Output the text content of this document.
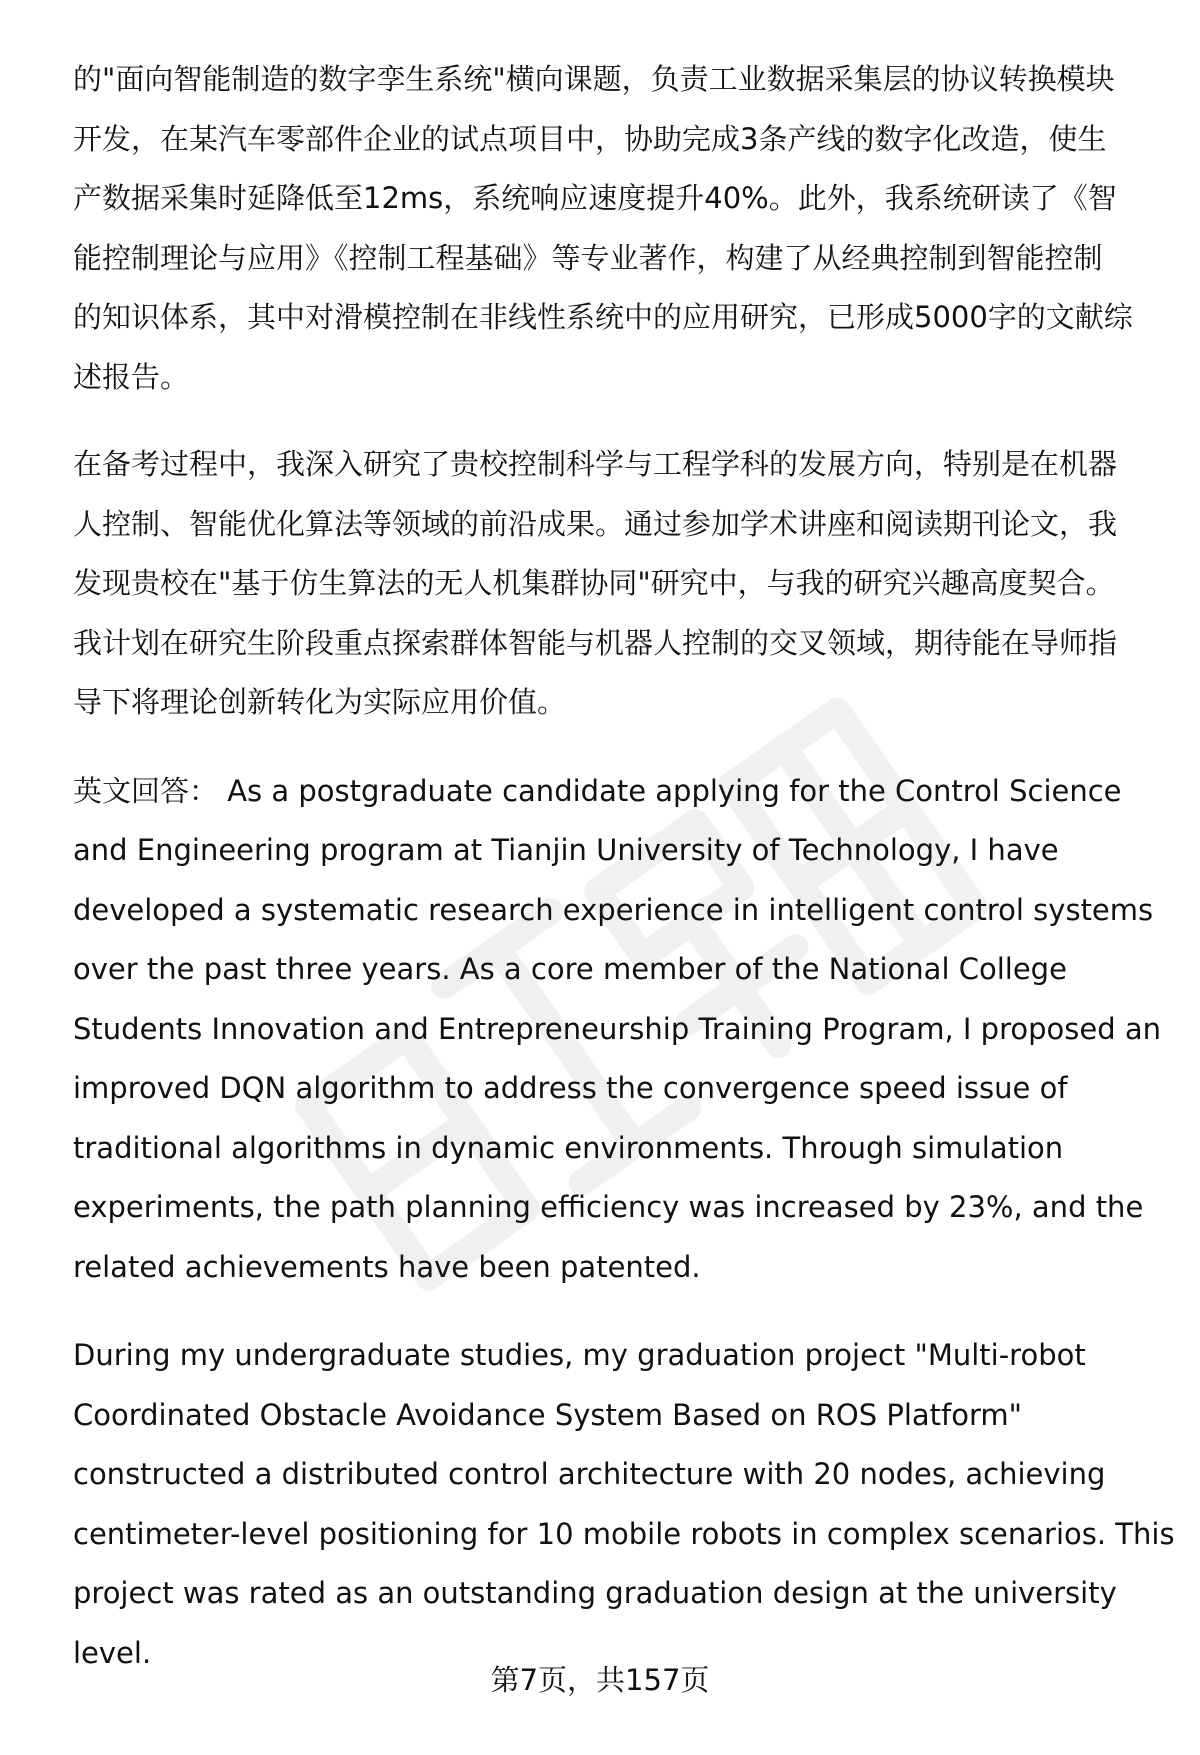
的"面向智能制造的数字孪生系统"横向课题，负责工业数据采集层的协议转换模块
开发，在某汽车零部件企业的试点项目中，协助完成3条产线的数字化改造，使生
产数据采集时延降低至12ms，系统响应速度提升40%。此外，我系统研读了《智
能控制理论与应用》《控制工程基础》等专业著作，构建了从经典控制到智能控制
的知识体系，其中对滑模控制在非线性系统中的应用研究，已形成5000字的文献综
述报告。

在备考过程中，我深入研究了贵校控制科学与工程学科的发展方向，特别是在机器
人控制、智能优化算法等领域的前沿成果。通过参加学术讲座和阅读期刊论文，我
发现贵校在"基于仿生算法的无人机集群协同"研究中，与我的研究兴趣高度契合。
我计划在研究生阶段重点探索群体智能与机器人控制的交叉领域，期待能在导师指
导下将理论创新转化为实际应用价值。

英文回答： As a postgraduate candidate applying for the Control Science
and Engineering program at Tianjin University of Technology, I have
developed a systematic research experience in intelligent control systems
over the past three years. As a core member of the National College
Students Innovation and Entrepreneurship Training Program, I proposed an
improved DQN algorithm to address the convergence speed issue of
traditional algorithms in dynamic environments. Through simulation
experiments, the path planning efficiency was increased by 23%, and the
related achievements have been patented.

During my undergraduate studies, my graduation project "Multi-robot
Coordinated Obstacle Avoidance System Based on ROS Platform"
constructed a distributed control architecture with 20 nodes, achieving
centimeter-level positioning for 10 mobile robots in complex scenarios. This
project was rated as an outstanding graduation design at the university
level.

第7页，共157页
